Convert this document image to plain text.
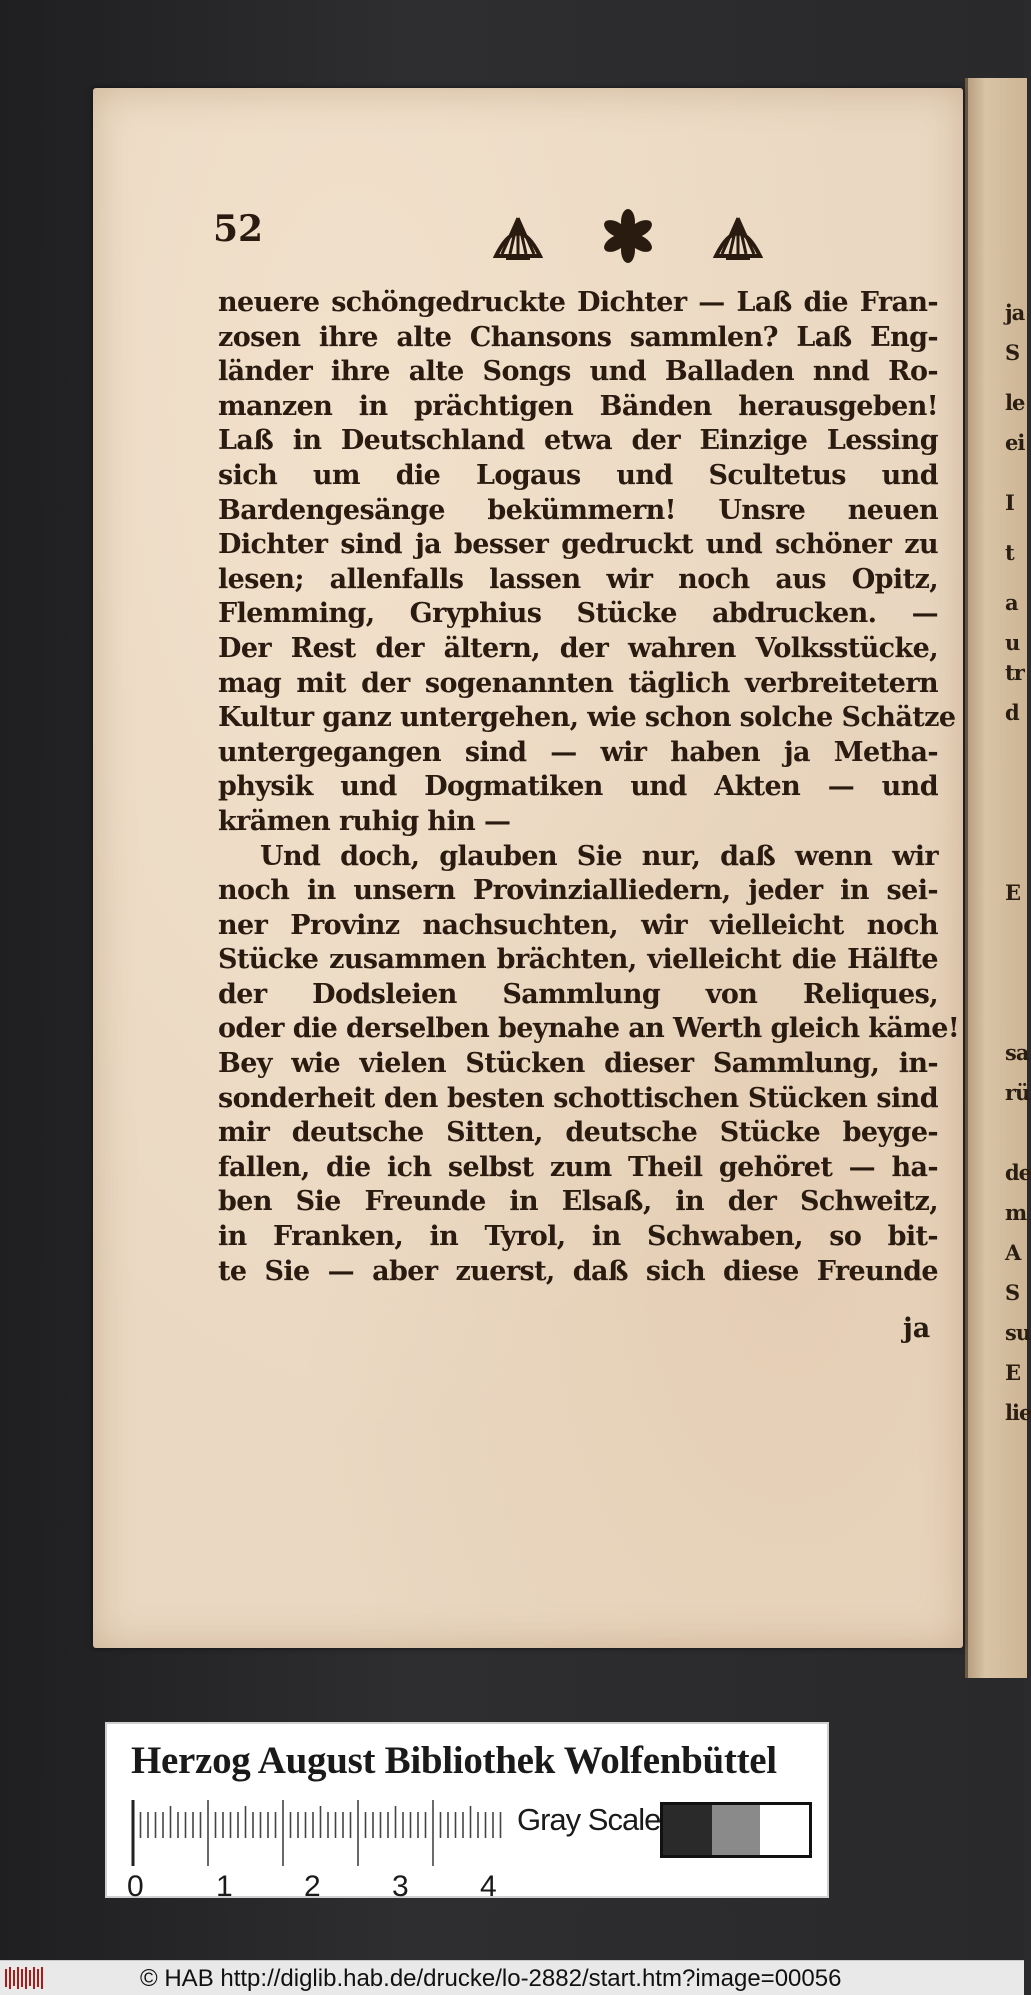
ja
S
le
ei
I
t
a
u
tr
d
E
sa
rü
de
m
A
S
su
E
lie
52
neuere schöngedruckte Dichter — Laß die Fran-
zosen ihre alte Chansons sammlen? Laß Eng-
länder ihre alte Songs und Balladen nnd Ro-
manzen in prächtigen Bänden herausgeben!
Laß in Deutschland etwa der Einzige Lessing
sich um die Logaus und Scultetus und
Bardengesänge bekümmern! Unsre neuen
Dichter sind ja besser gedruckt und schöner zu
lesen; allenfalls lassen wir noch aus Opitz,
Flemming, Gryphius Stücke abdrucken. —
Der Rest der ältern, der wahren Volksstücke,
mag mit der sogenannten täglich verbreitetern
Kultur ganz untergehen, wie schon solche Schätze
untergegangen sind — wir haben ja Metha-
physik und Dogmatiken und Akten — und
krämen ruhig hin —
Und doch, glauben Sie nur, daß wenn wir
noch in unsern Provinzialliedern, jeder in sei-
ner Provinz nachsuchten, wir vielleicht noch
Stücke zusammen brächten, vielleicht die Hälfte
der Dodsleien Sammlung von Reliques,
oder die derselben beynahe an Werth gleich käme!
Bey wie vielen Stücken dieser Sammlung, in-
sonderheit den besten schottischen Stücken sind
mir deutsche Sitten, deutsche Stücke beyge-
fallen, die ich selbst zum Theil gehöret — ha-
ben Sie Freunde in Elsaß, in der Schweitz,
in Franken, in Tyrol, in Schwaben, so bit-
te Sie — aber zuerst, daß sich diese Freunde
ja
Herzog August Bibliothek Wolfenbüttel
Gray Scale
0 1 2 3 4
© HAB http://diglib.hab.de/drucke/lo-2882/start.htm?image=00056
